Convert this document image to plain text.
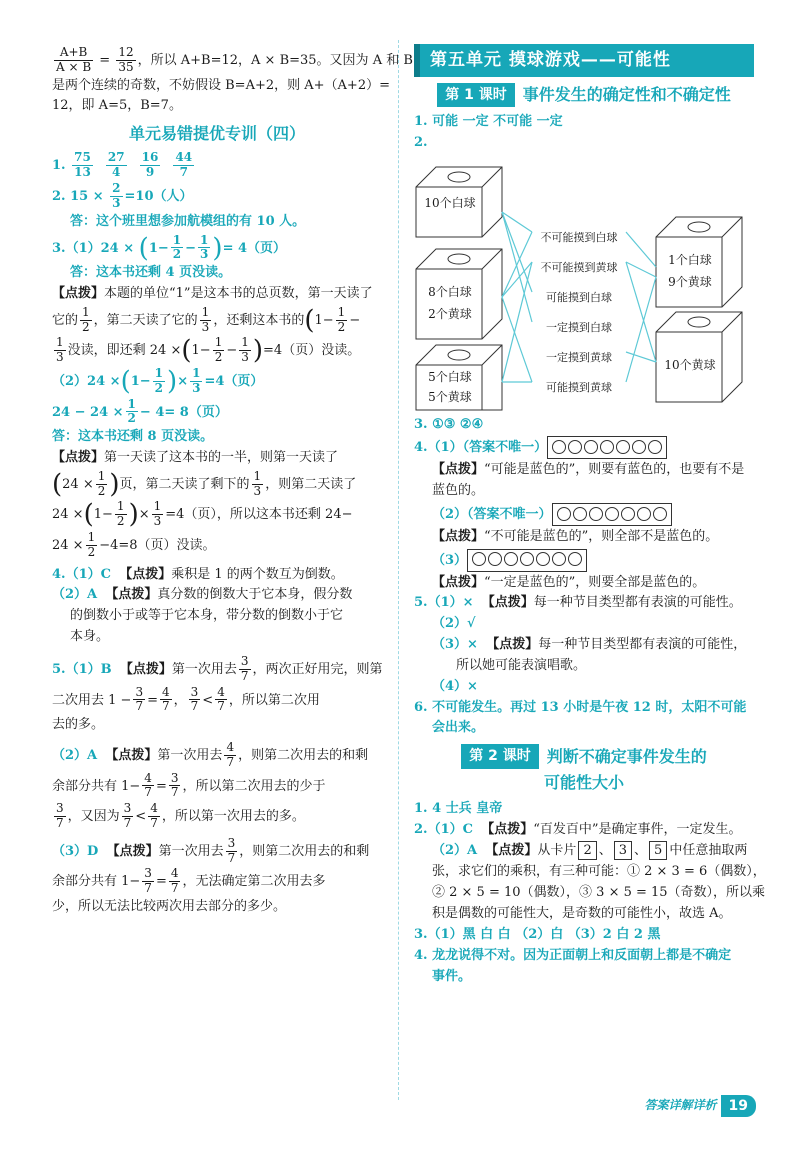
$\frac{A+B}{A \times B} = \frac{12}{35}$ ，所以 A+B=12，A × B=35。又因为 A 和 B
是两个连续的奇数，不妨假设 B=A+2，则 A+（A+2）=
12，即 A=5，B=7。
单元易错提优专训（四）
1. $\frac{75}{13}$
$\frac{27}{4}$
$\frac{16}{9}$
$\frac{44}{7}$
2. $15 \times \frac{2}{3} =10$（人）
答：这个班里想参加航模组的有 10 人。
$3.(1)24 \times (1- \frac{1}{2} - \frac{1}{3}$ )= 4（页）
答：这本书还剩 4 页没读。
【点拨】本题的单位“1”是这本书的总页数，第一天读了
它的 $\frac{1}{2}$ ，第二天读了它的 $\frac{1}{3}$ ，还剩这本书的($1- \frac{1}{2}$ −
$\frac{1}{3}$ 没读，即还剩 $24 \times(1- \frac{1}{2} - \frac{1}{3} )=4$（页）没读。
$(2)24 \times(1- \frac{1}{2}$ )× $\frac{1}{3} =4$（页）
$24 - 24 \times \frac{1}{2} - 4= 8$（页）
答：这本书还剩 8 页没读。
【点拨】第一天读了这本书的一半，则第一天读了
($24 \times \frac{1}{2}$ )页，第二天读了剩下的 $\frac{1}{3}$ ，则第二天读了
$24 \times(1- \frac{1}{2}$ )× $\frac{1}{3} =4$（页），所以这本书还剩 24−
$24 \times \frac{1}{2} -4=8$（页）没读。
4.（1）C 【点拨】乘积是 1 的两个数互为倒数。
（2）A 【点拨】真分数的倒数大于它本身，假分数
的倒数小于或等于它本身，带分数的倒数小于它
本身。
5.（1）B 【点拨】第一次用去 $\frac{3}{7}$ ，两次正好用完，则第
二次用去 $1 - \frac{3}{7} = \frac{4}{7}$ ， $\frac{3}{7} < \frac{4}{7}$ ，所以第二次用
去的多。
（2）A 【点拨】第一次用去 $\frac{4}{7}$ ，则第二次用去的和剩
余部分共有 $1- \frac{4}{7} = \frac{3}{7}$ ，所以第二次用去的少于
$\frac{3}{7}$ ，又因为 $\frac{3}{7} < \frac{4}{7}$ ，所以第一次用去的多。
（3）D 【点拨】第一次用去 $\frac{3}{7}$ ，则第二次用去的和剩
余部分共有 $1- \frac{3}{7} = \frac{4}{7}$ ，无法确定第二次用去多
少，所以无法比较两次用去部分的多少。
第五单元 摸球游戏——可能性
第 1 课时	事件发生的确定性和不确定性
1. 可能 一定 不可能 一定
2.
10个白球
8个白球
2个黄球
5个白球
5个黄球
1个白球
9个黄球
10个黄球
不可能摸到白球
不可能摸到黄球
可能摸到白球
一定摸到白球
一定摸到黄球
可能摸到黄球
3. ①③ ②④
4.（1）（答案不唯一）
【点拨】“可能是蓝色的”，则要有蓝色的，也要有不是
蓝色的。
（2）（答案不唯一）
【点拨】“不可能是蓝色的”，则全部不是蓝色的。
（3）
【点拨】“一定是蓝色的”，则要全部是蓝色的。
5.（1）× 【点拨】每一种节目类型都有表演的可能性。
（2）√
（3）× 【点拨】每一种节目类型都有表演的可能性，
所以她可能表演唱歌。
（4）×
6. 不可能发生。再过 13 小时是午夜 12 时，太阳不可能
会出来。
第 2 课时	判断不确定事件发生的
可能性大小
1. 4 士兵 皇帝
2.（1）C 【点拨】“百发百中”是确定事件，一定发生。
（2）A 【点拨】从卡片 2 、 3 、 5 中任意抽取两
张，求它们的乘积，有三种可能：① 2 × 3 = 6（偶数），
② 2 × 5 = 10（偶数），③ 3 × 5 = 15（奇数），所以乘
积是偶数的可能性大，是奇数的可能性小，故选 A。
3.（1）黑 白 白 （2）白 （3）2 白 2 黑
4. 龙龙说得不对。因为正面朝上和反面朝上都是不确定
事件。
答案详解详析 19
